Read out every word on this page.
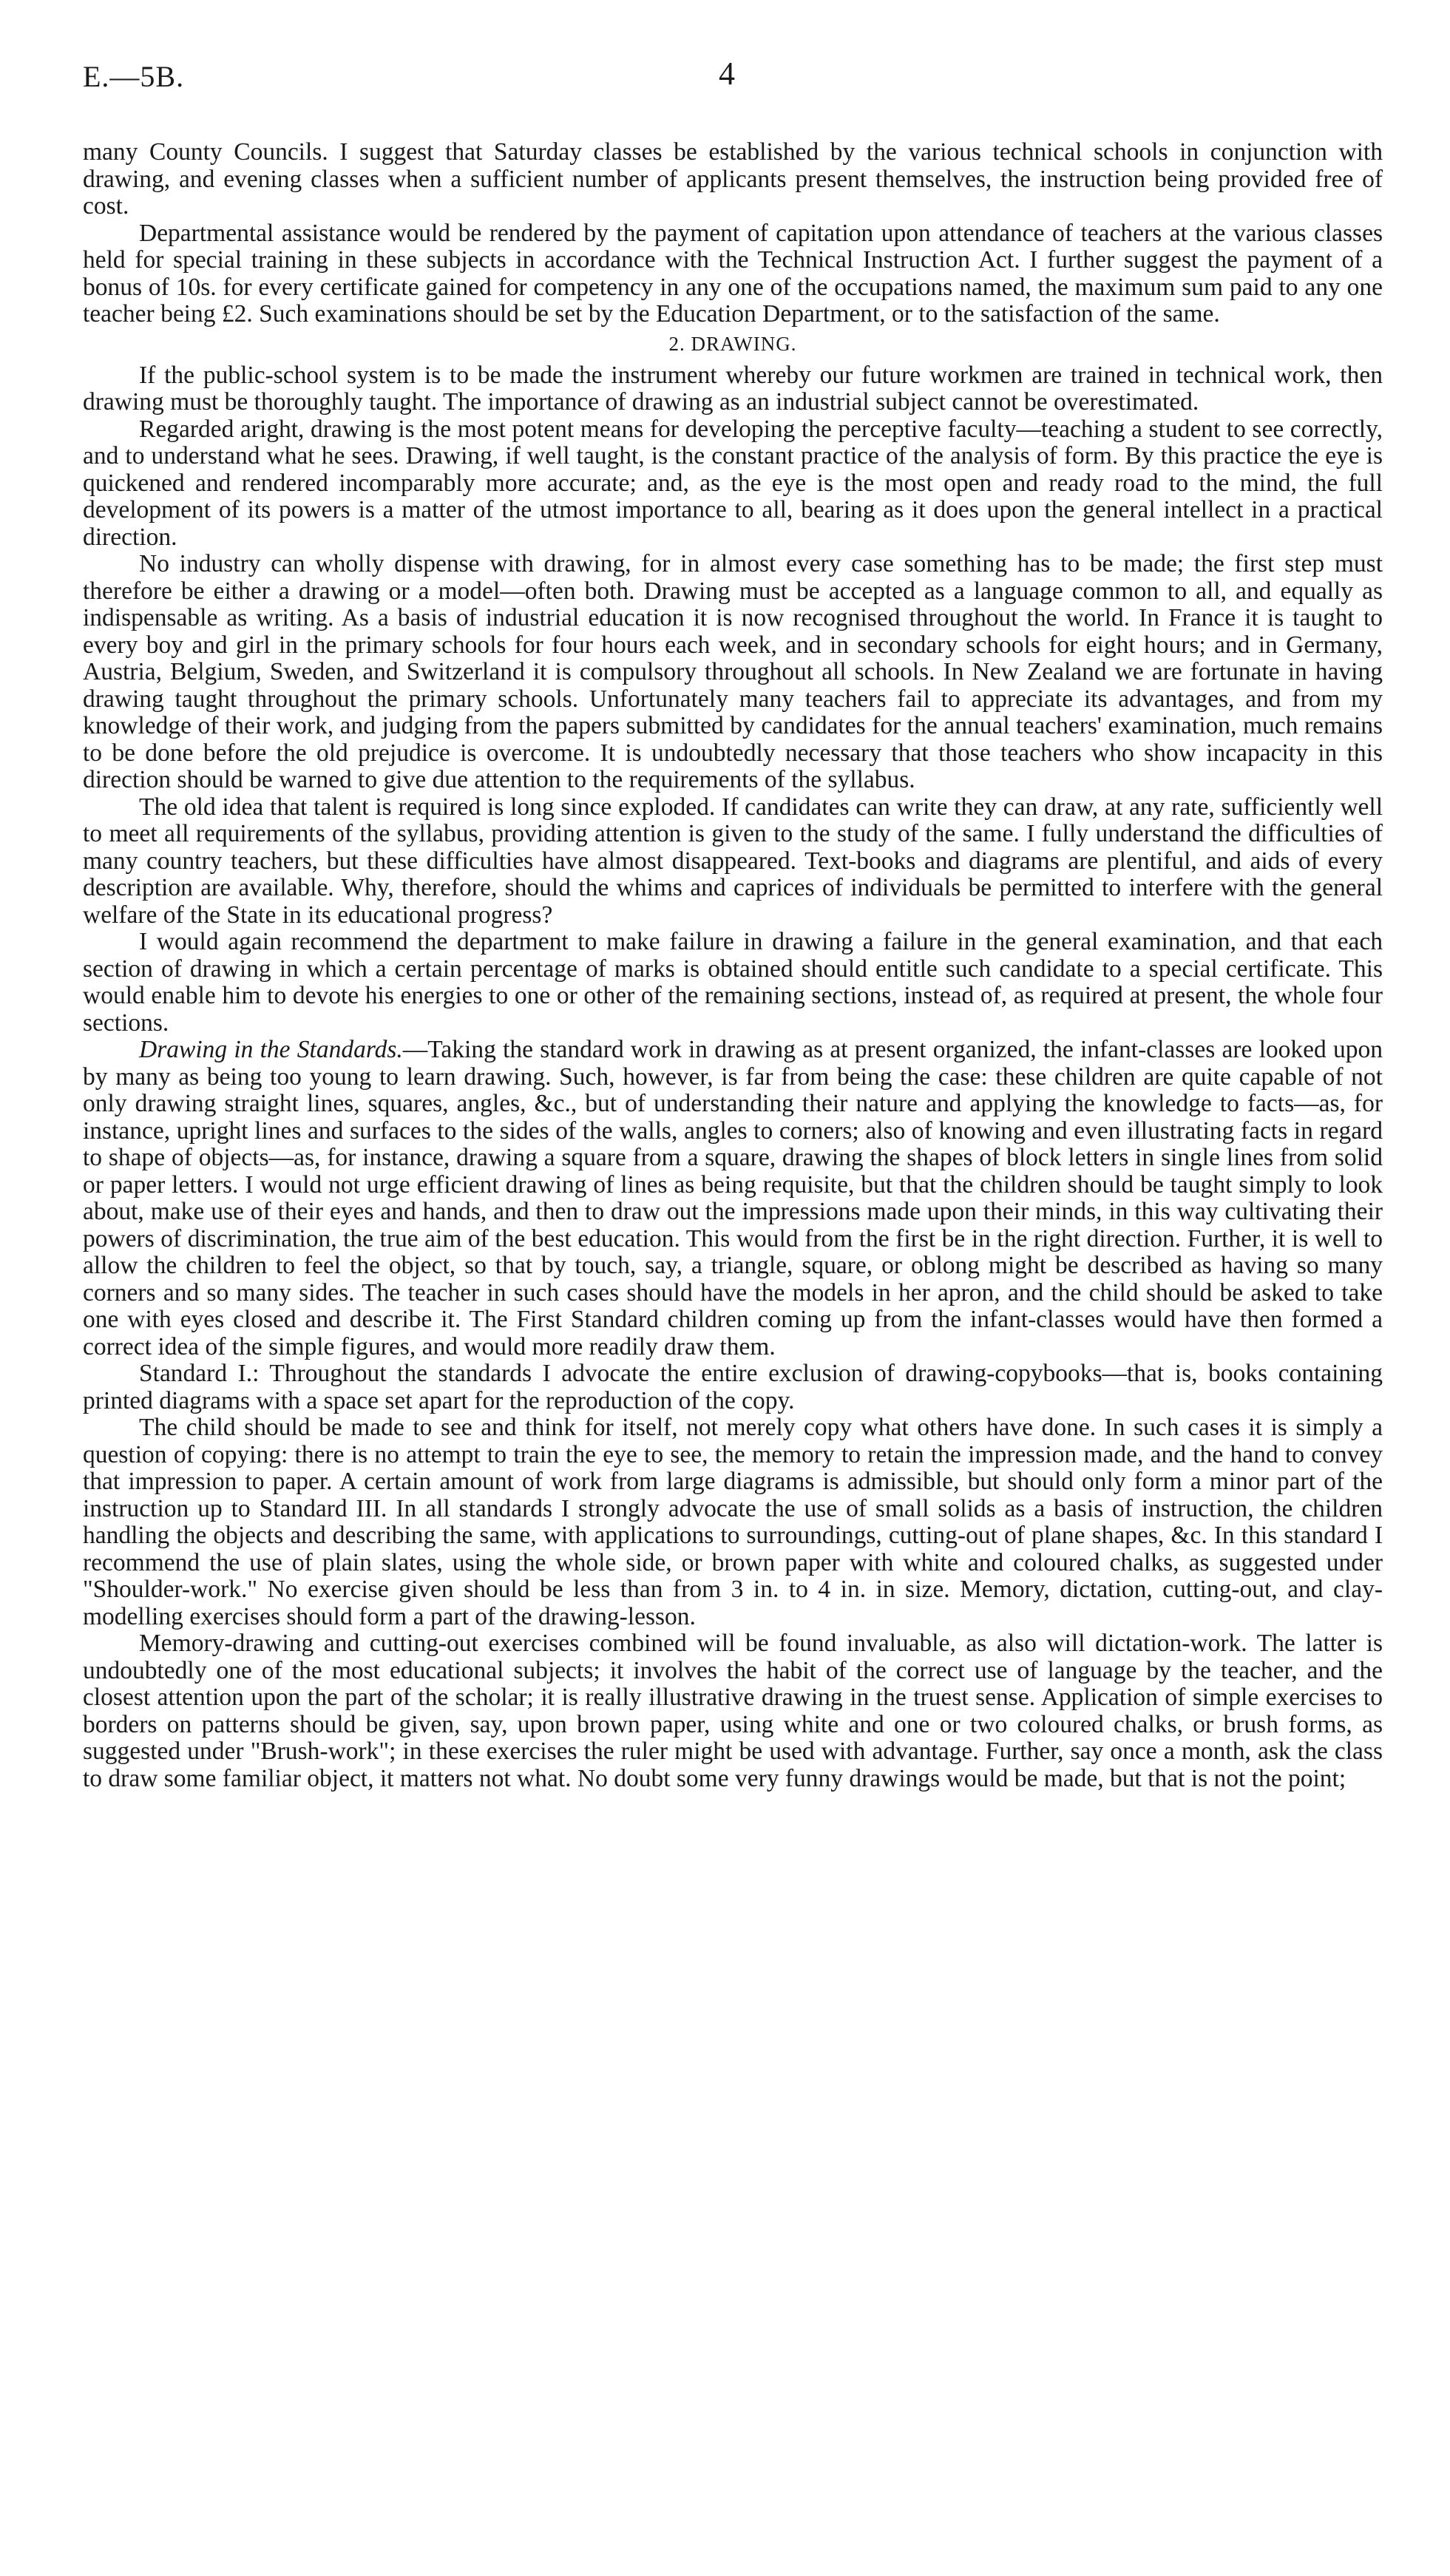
E.—5B.	4

many County Councils. I suggest that Saturday classes be established by the various technical schools in conjunction with drawing, and evening classes when a sufficient number of applicants present themselves, the instruction being provided free of cost.

Departmental assistance would be rendered by the payment of capitation upon attendance of teachers at the various classes held for special training in these subjects in accordance with the Technical Instruction Act. I further suggest the payment of a bonus of 10s. for every certificate gained for competency in any one of the occupations named, the maximum sum paid to any one teacher being £2. Such examinations should be set by the Education Department, or to the satisfaction of the same.

2. DRAWING.

If the public-school system is to be made the instrument whereby our future workmen are trained in technical work, then drawing must be thoroughly taught. The importance of drawing as an industrial subject cannot be overestimated.

Regarded aright, drawing is the most potent means for developing the perceptive faculty—teaching a student to see correctly, and to understand what he sees. Drawing, if well taught, is the constant practice of the analysis of form. By this practice the eye is quickened and rendered incomparably more accurate; and, as the eye is the most open and ready road to the mind, the full development of its powers is a matter of the utmost importance to all, bearing as it does upon the general intellect in a practical direction.

No industry can wholly dispense with drawing, for in almost every case something has to be made; the first step must therefore be either a drawing or a model—often both. Drawing must be accepted as a language common to all, and equally as indispensable as writing. As a basis of industrial education it is now recognised throughout the world. In France it is taught to every boy and girl in the primary schools for four hours each week, and in secondary schools for eight hours; and in Germany, Austria, Belgium, Sweden, and Switzerland it is compulsory throughout all schools. In New Zealand we are fortunate in having drawing taught throughout the primary schools. Unfortunately many teachers fail to appreciate its advantages, and from my knowledge of their work, and judging from the papers submitted by candidates for the annual teachers' examination, much remains to be done before the old prejudice is overcome. It is undoubtedly necessary that those teachers who show incapacity in this direction should be warned to give due attention to the requirements of the syllabus.

The old idea that talent is required is long since exploded. If candidates can write they can draw, at any rate, sufficiently well to meet all requirements of the syllabus, providing attention is given to the study of the same. I fully understand the difficulties of many country teachers, but these difficulties have almost disappeared. Text-books and diagrams are plentiful, and aids of every description are available. Why, therefore, should the whims and caprices of individuals be permitted to interfere with the general welfare of the State in its educational progress?

I would again recommend the department to make failure in drawing a failure in the general examination, and that each section of drawing in which a certain percentage of marks is obtained should entitle such candidate to a special certificate. This would enable him to devote his energies to one or other of the remaining sections, instead of, as required at present, the whole four sections.

Drawing in the Standards.—Taking the standard work in drawing as at present organized, the infant-classes are looked upon by many as being too young to learn drawing. Such, however, is far from being the case: these children are quite capable of not only drawing straight lines, squares, angles, &c., but of understanding their nature and applying the knowledge to facts—as, for instance, upright lines and surfaces to the sides of the walls, angles to corners; also of knowing and even illustrating facts in regard to shape of objects—as, for instance, drawing a square from a square, drawing the shapes of block letters in single lines from solid or paper letters. I would not urge efficient drawing of lines as being requisite, but that the children should be taught simply to look about, make use of their eyes and hands, and then to draw out the impressions made upon their minds, in this way cultivating their powers of discrimination, the true aim of the best education. This would from the first be in the right direction. Further, it is well to allow the children to feel the object, so that by touch, say, a triangle, square, or oblong might be described as having so many corners and so many sides. The teacher in such cases should have the models in her apron, and the child should be asked to take one with eyes closed and describe it. The First Standard children coming up from the infant-classes would have then formed a correct idea of the simple figures, and would more readily draw them.

Standard I.: Throughout the standards I advocate the entire exclusion of drawing-copybooks—that is, books containing printed diagrams with a space set apart for the reproduction of the copy.

The child should be made to see and think for itself, not merely copy what others have done. In such cases it is simply a question of copying: there is no attempt to train the eye to see, the memory to retain the impression made, and the hand to convey that impression to paper. A certain amount of work from large diagrams is admissible, but should only form a minor part of the instruction up to Standard III. In all standards I strongly advocate the use of small solids as a basis of instruction, the children handling the objects and describing the same, with applications to surroundings, cutting-out of plane shapes, &c. In this standard I recommend the use of plain slates, using the whole side, or brown paper with white and coloured chalks, as suggested under "Shoulder-work." No exercise given should be less than from 3 in. to 4 in. in size. Memory, dictation, cutting-out, and clay-modelling exercises should form a part of the drawing-lesson.

Memory-drawing and cutting-out exercises combined will be found invaluable, as also will dictation-work. The latter is undoubtedly one of the most educational subjects; it involves the habit of the correct use of language by the teacher, and the closest attention upon the part of the scholar; it is really illustrative drawing in the truest sense. Application of simple exercises to borders on patterns should be given, say, upon brown paper, using white and one or two coloured chalks, or brush forms, as suggested under "Brush-work"; in these exercises the ruler might be used with advantage. Further, say once a month, ask the class to draw some familiar object, it matters not what. No doubt some very funny drawings would be made, but that is not the point;
